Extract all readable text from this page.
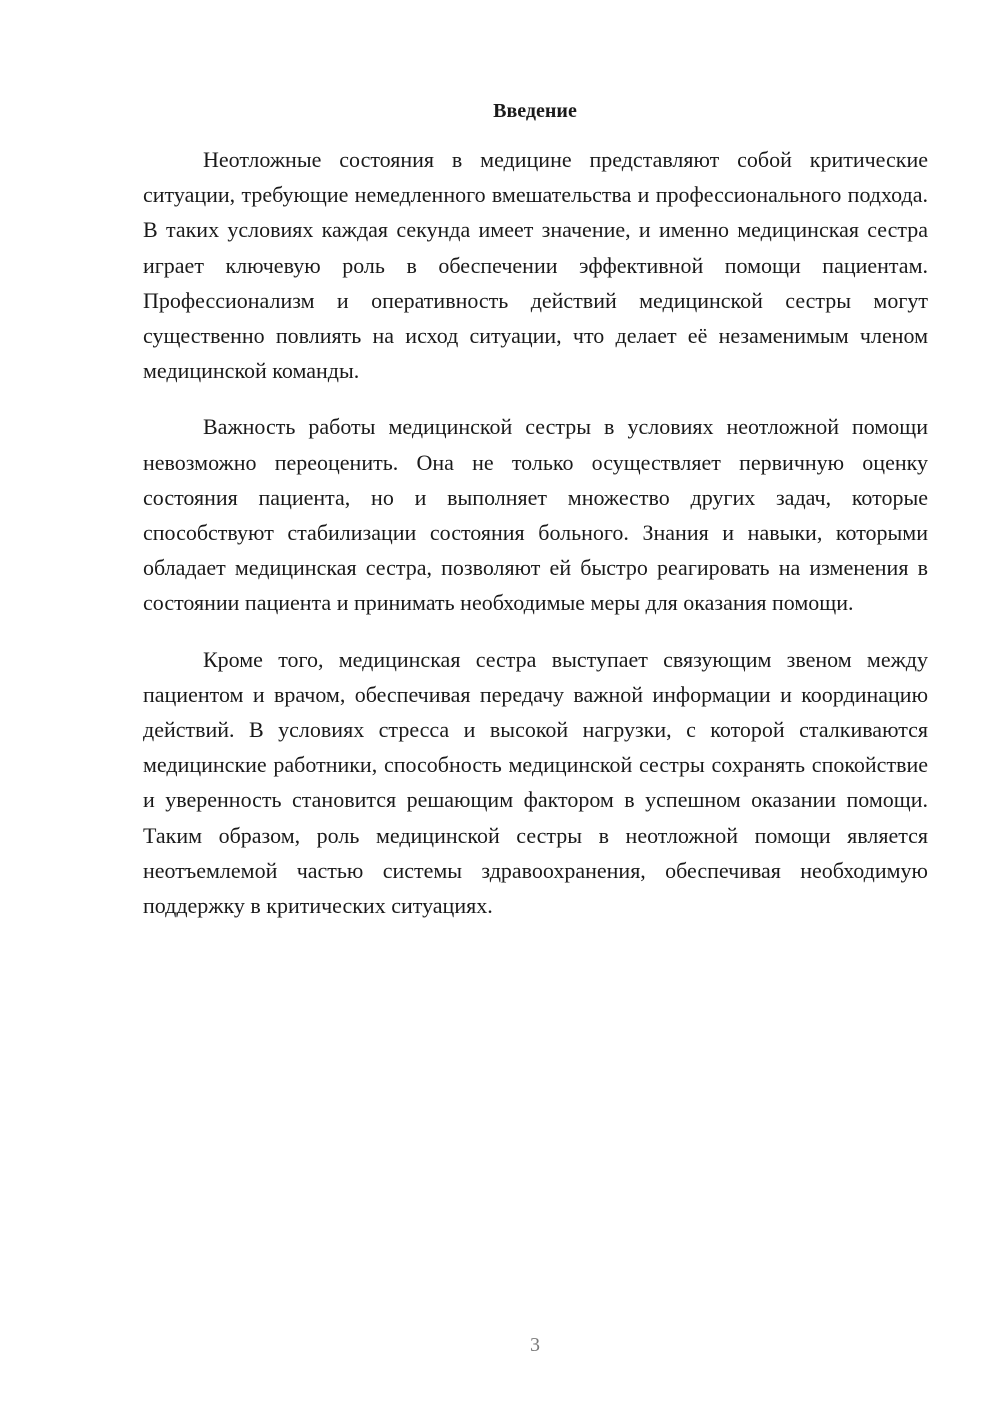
Введение

Неотложные состояния в медицине представляют собой критические ситуации, требующие немедленного вмешательства и профессионального подхода. В таких условиях каждая секунда имеет значение, и именно медицинская сестра играет ключевую роль в обеспечении эффективной помощи пациентам. Профессионализм и оперативность действий медицинской сестры могут существенно повлиять на исход ситуации, что делает её незаменимым членом медицинской команды.

Важность работы медицинской сестры в условиях неотложной помощи невозможно переоценить. Она не только осуществляет первичную оценку состояния пациента, но и выполняет множество других задач, которые способствуют стабилизации состояния больного. Знания и навыки, которыми обладает медицинская сестра, позволяют ей быстро реагировать на изменения в состоянии пациента и принимать необходимые меры для оказания помощи.

Кроме того, медицинская сестра выступает связующим звеном между пациентом и врачом, обеспечивая передачу важной информации и координацию действий. В условиях стресса и высокой нагрузки, с которой сталкиваются медицинские работники, способность медицинской сестры сохранять спокойствие и уверенность становится решающим фактором в успешном оказании помощи. Таким образом, роль медицинской сестры в неотложной помощи является неотъемлемой частью системы здравоохранения, обеспечивая необходимую поддержку в критических ситуациях.

3
